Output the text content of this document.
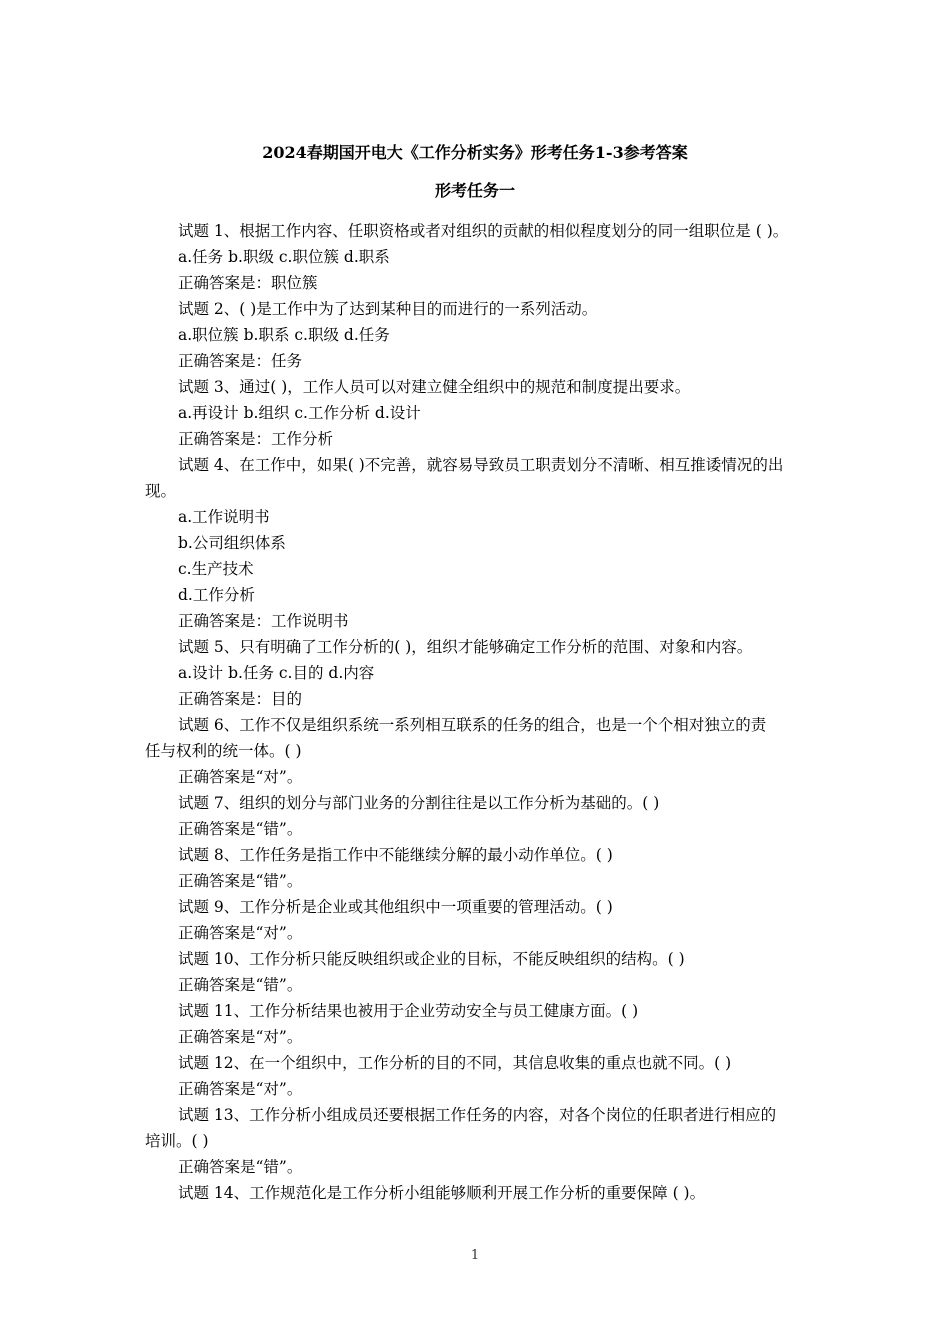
2024春期国开电大《工作分析实务》形考任务1-3参考答案
形考任务一
试题 1、根据工作内容、任职资格或者对组织的贡献的相似程度划分的同一组职位是 ( )。
a.任务 b.职级 c.职位簇 d.职系
正确答案是：职位簇
试题 2、( )是工作中为了达到某种目的而进行的一系列活动。
a.职位簇 b.职系 c.职级 d.任务
正确答案是：任务
试题 3、通过( )，工作人员可以对建立健全组织中的规范和制度提出要求。
a.再设计 b.组织 c.工作分析 d.设计
正确答案是：工作分析
试题 4、在工作中，如果( )不完善，就容易导致员工职责划分不清晰、相互推诿情况的出
现。
a.工作说明书
b.公司组织体系
c.生产技术
d.工作分析
正确答案是：工作说明书
试题 5、只有明确了工作分析的( )，组织才能够确定工作分析的范围、对象和内容。
a.设计 b.任务 c.目的 d.内容
正确答案是：目的
试题 6、工作不仅是组织系统一系列相互联系的任务的组合，也是一个个相对独立的责
任与权利的统一体。( )
正确答案是“对”。
试题 7、组织的划分与部门业务的分割往往是以工作分析为基础的。( )
正确答案是“错”。
试题 8、工作任务是指工作中不能继续分解的最小动作单位。( )
正确答案是“错”。
试题 9、工作分析是企业或其他组织中一项重要的管理活动。( )
正确答案是“对”。
试题 10、工作分析只能反映组织或企业的目标，不能反映组织的结构。( )
正确答案是“错”。
试题 11、工作分析结果也被用于企业劳动安全与员工健康方面。( )
正确答案是“对”。
试题 12、在一个组织中，工作分析的目的不同，其信息收集的重点也就不同。( )
正确答案是“对”。
试题 13、工作分析小组成员还要根据工作任务的内容，对各个岗位的任职者进行相应的
培训。( )
正确答案是“错”。
试题 14、工作规范化是工作分析小组能够顺利开展工作分析的重要保障 ( )。
1
